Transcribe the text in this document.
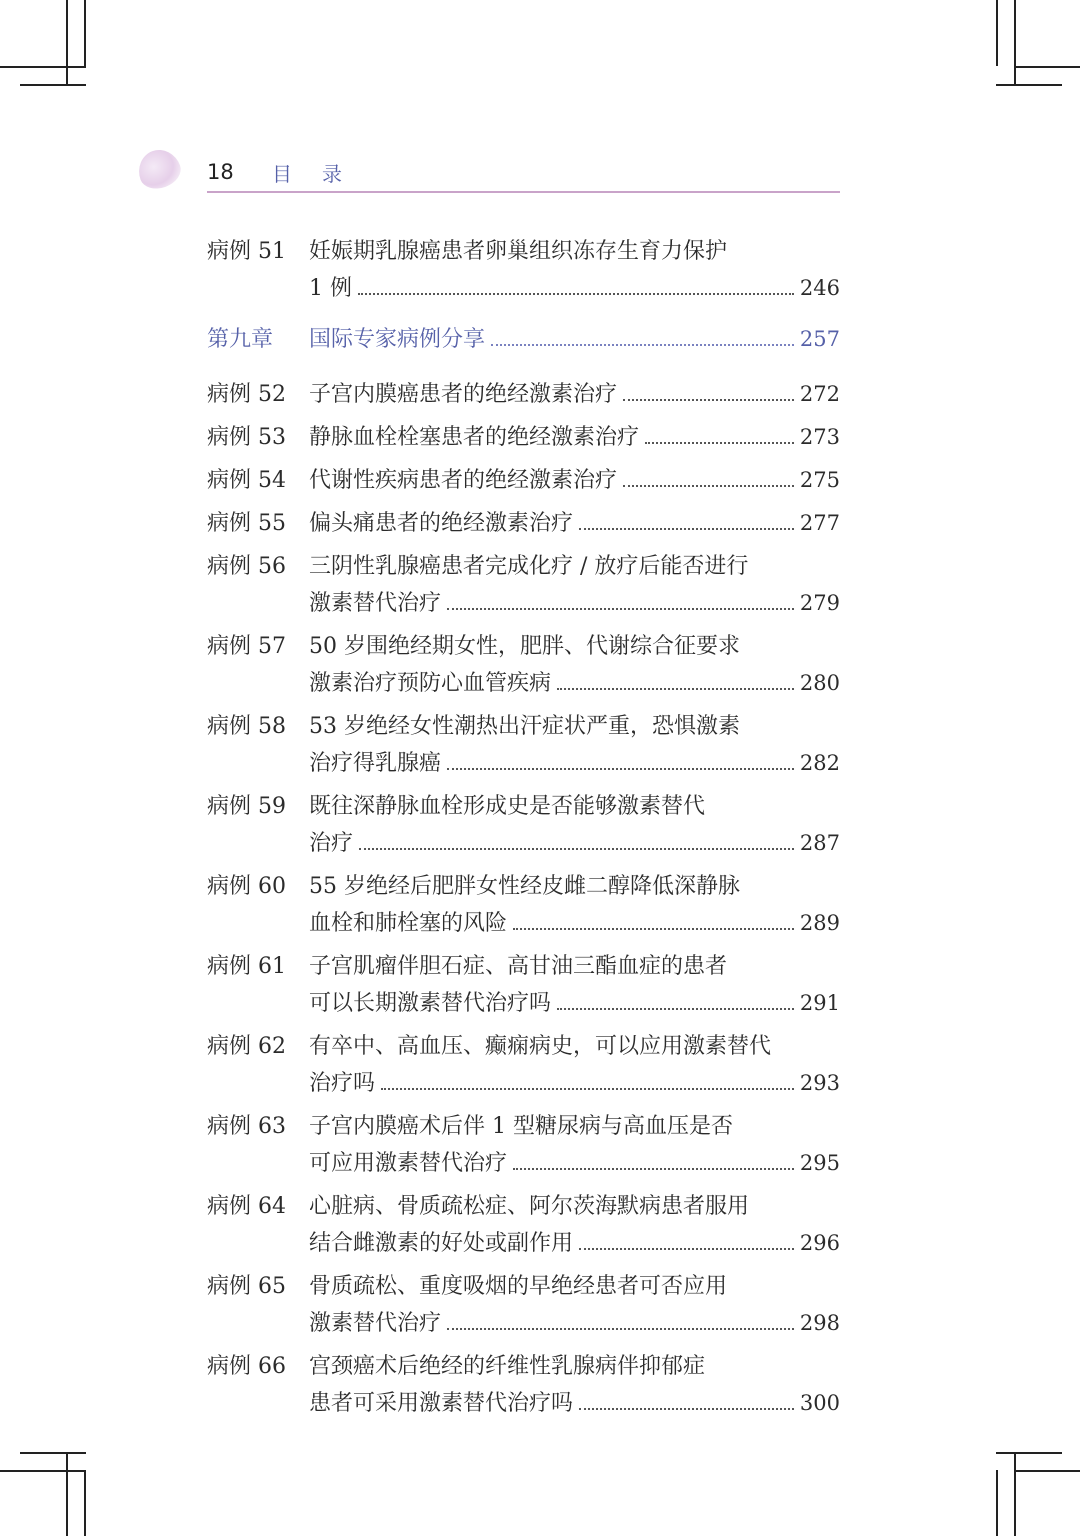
18 目录
病例 51 妊娠期乳腺癌患者卵巢组织冻存生育力保护
1 例	246
第九章 国际专家病例分享	257
病例 52 子宫内膜癌患者的绝经激素治疗	272
病例 53 静脉血栓栓塞患者的绝经激素治疗	273
病例 54 代谢性疾病患者的绝经激素治疗	275
病例 55 偏头痛患者的绝经激素治疗	277
病例 56 三阴性乳腺癌患者完成化疗 / 放疗后能否进行
激素替代治疗	279
病例 57 50 岁围绝经期女性，肥胖、代谢综合征要求
激素治疗预防心血管疾病	280
病例 58 53 岁绝经女性潮热出汗症状严重，恐惧激素
治疗得乳腺癌	282
病例 59 既往深静脉血栓形成史是否能够激素替代
治疗	287
病例 60 55 岁绝经后肥胖女性经皮雌二醇降低深静脉
血栓和肺栓塞的风险	289
病例 61 子宫肌瘤伴胆石症、高甘油三酯血症的患者
可以长期激素替代治疗吗	291
病例 62 有卒中、高血压、癫痫病史，可以应用激素替代
治疗吗	293
病例 63 子宫内膜癌术后伴 1 型糖尿病与高血压是否
可应用激素替代治疗	295
病例 64 心脏病、骨质疏松症、阿尔茨海默病患者服用
结合雌激素的好处或副作用	296
病例 65 骨质疏松、重度吸烟的早绝经患者可否应用
激素替代治疗	298
病例 66 宫颈癌术后绝经的纤维性乳腺病伴抑郁症
患者可采用激素替代治疗吗	300
